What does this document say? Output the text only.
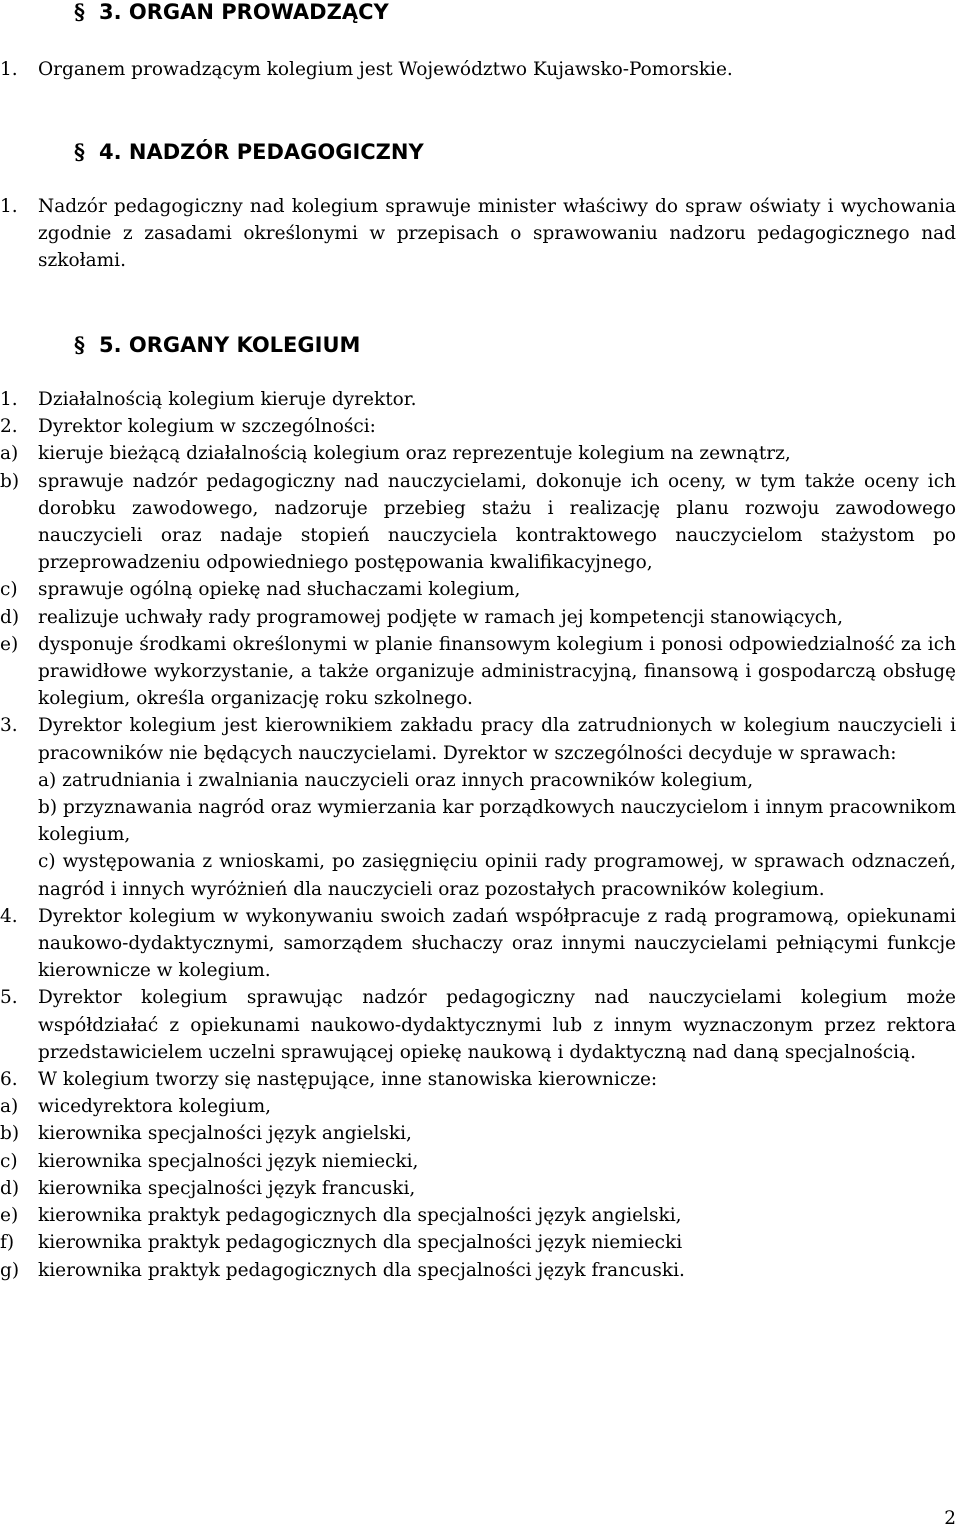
§ 3. ORGAN PROWADZĄCY
1.	Organem prowadzącym kolegium jest Województwo Kujawsko-Pomorskie.
§ 4. NADZÓR PEDAGOGICZNY
1.	Nadzór pedagogiczny nad kolegium sprawuje minister właściwy do spraw oświaty i wychowania zgodnie z zasadami określonymi w przepisach o sprawowaniu nadzoru pedagogicznego nad szkołami.
§ 5. ORGANY KOLEGIUM
1.	Działalnością kolegium kieruje dyrektor.
2.	Dyrektor kolegium w szczególności:
a)	kieruje bieżącą działalnością kolegium oraz reprezentuje kolegium na zewnątrz,
b)	sprawuje nadzór pedagogiczny nad nauczycielami, dokonuje ich oceny, w tym także oceny ich dorobku zawodowego, nadzoruje przebieg stażu i realizację planu rozwoju zawodowego nauczycieli oraz nadaje stopień nauczyciela kontraktowego nauczycielom stażystom po przeprowadzeniu odpowiedniego postępowania kwalifikacyjnego,
c)	sprawuje ogólną opiekę nad słuchaczami kolegium,
d)	realizuje uchwały rady programowej podjęte w ramach jej kompetencji stanowiących,
e)	dysponuje środkami określonymi w planie finansowym kolegium i ponosi odpowiedzialność za ich prawidłowe wykorzystanie, a także organizuje administracyjną, finansową i gospodarczą obsługę kolegium, określa organizację roku szkolnego.
3.	Dyrektor kolegium jest kierownikiem zakładu pracy dla zatrudnionych w kolegium nauczycieli i pracowników nie będących nauczycielami. Dyrektor w szczególności decyduje w sprawach:
a) zatrudniania i zwalniania nauczycieli oraz innych pracowników kolegium,
b) przyznawania nagród oraz wymierzania kar porządkowych nauczycielom i innym pracownikom kolegium,
c) występowania z wnioskami, po zasięgnięciu opinii rady programowej, w sprawach odznaczeń, nagród i innych wyróżnień dla nauczycieli oraz pozostałych pracowników kolegium.
4.	Dyrektor kolegium w wykonywaniu swoich zadań współpracuje z radą programową, opiekunami naukowo-dydaktycznymi, samorządem słuchaczy oraz innymi nauczycielami pełniącymi funkcje kierownicze w kolegium.
5.	Dyrektor kolegium sprawując nadzór pedagogiczny nad nauczycielami kolegium może współdziałać z opiekunami naukowo-dydaktycznymi lub z innym wyznaczonym przez rektora przedstawicielem uczelni sprawującej opiekę naukową i dydaktyczną nad daną specjalnością.
6.	W kolegium tworzy się następujące, inne stanowiska kierownicze:
a)	wicedyrektora kolegium,
b)	kierownika specjalności język angielski,
c)	kierownika specjalności język niemiecki,
d)	kierownika specjalności język francuski,
e)	kierownika praktyk pedagogicznych dla specjalności język angielski,
f)	kierownika praktyk pedagogicznych dla specjalności język niemiecki
g)	kierownika praktyk pedagogicznych dla specjalności język francuski.
2
